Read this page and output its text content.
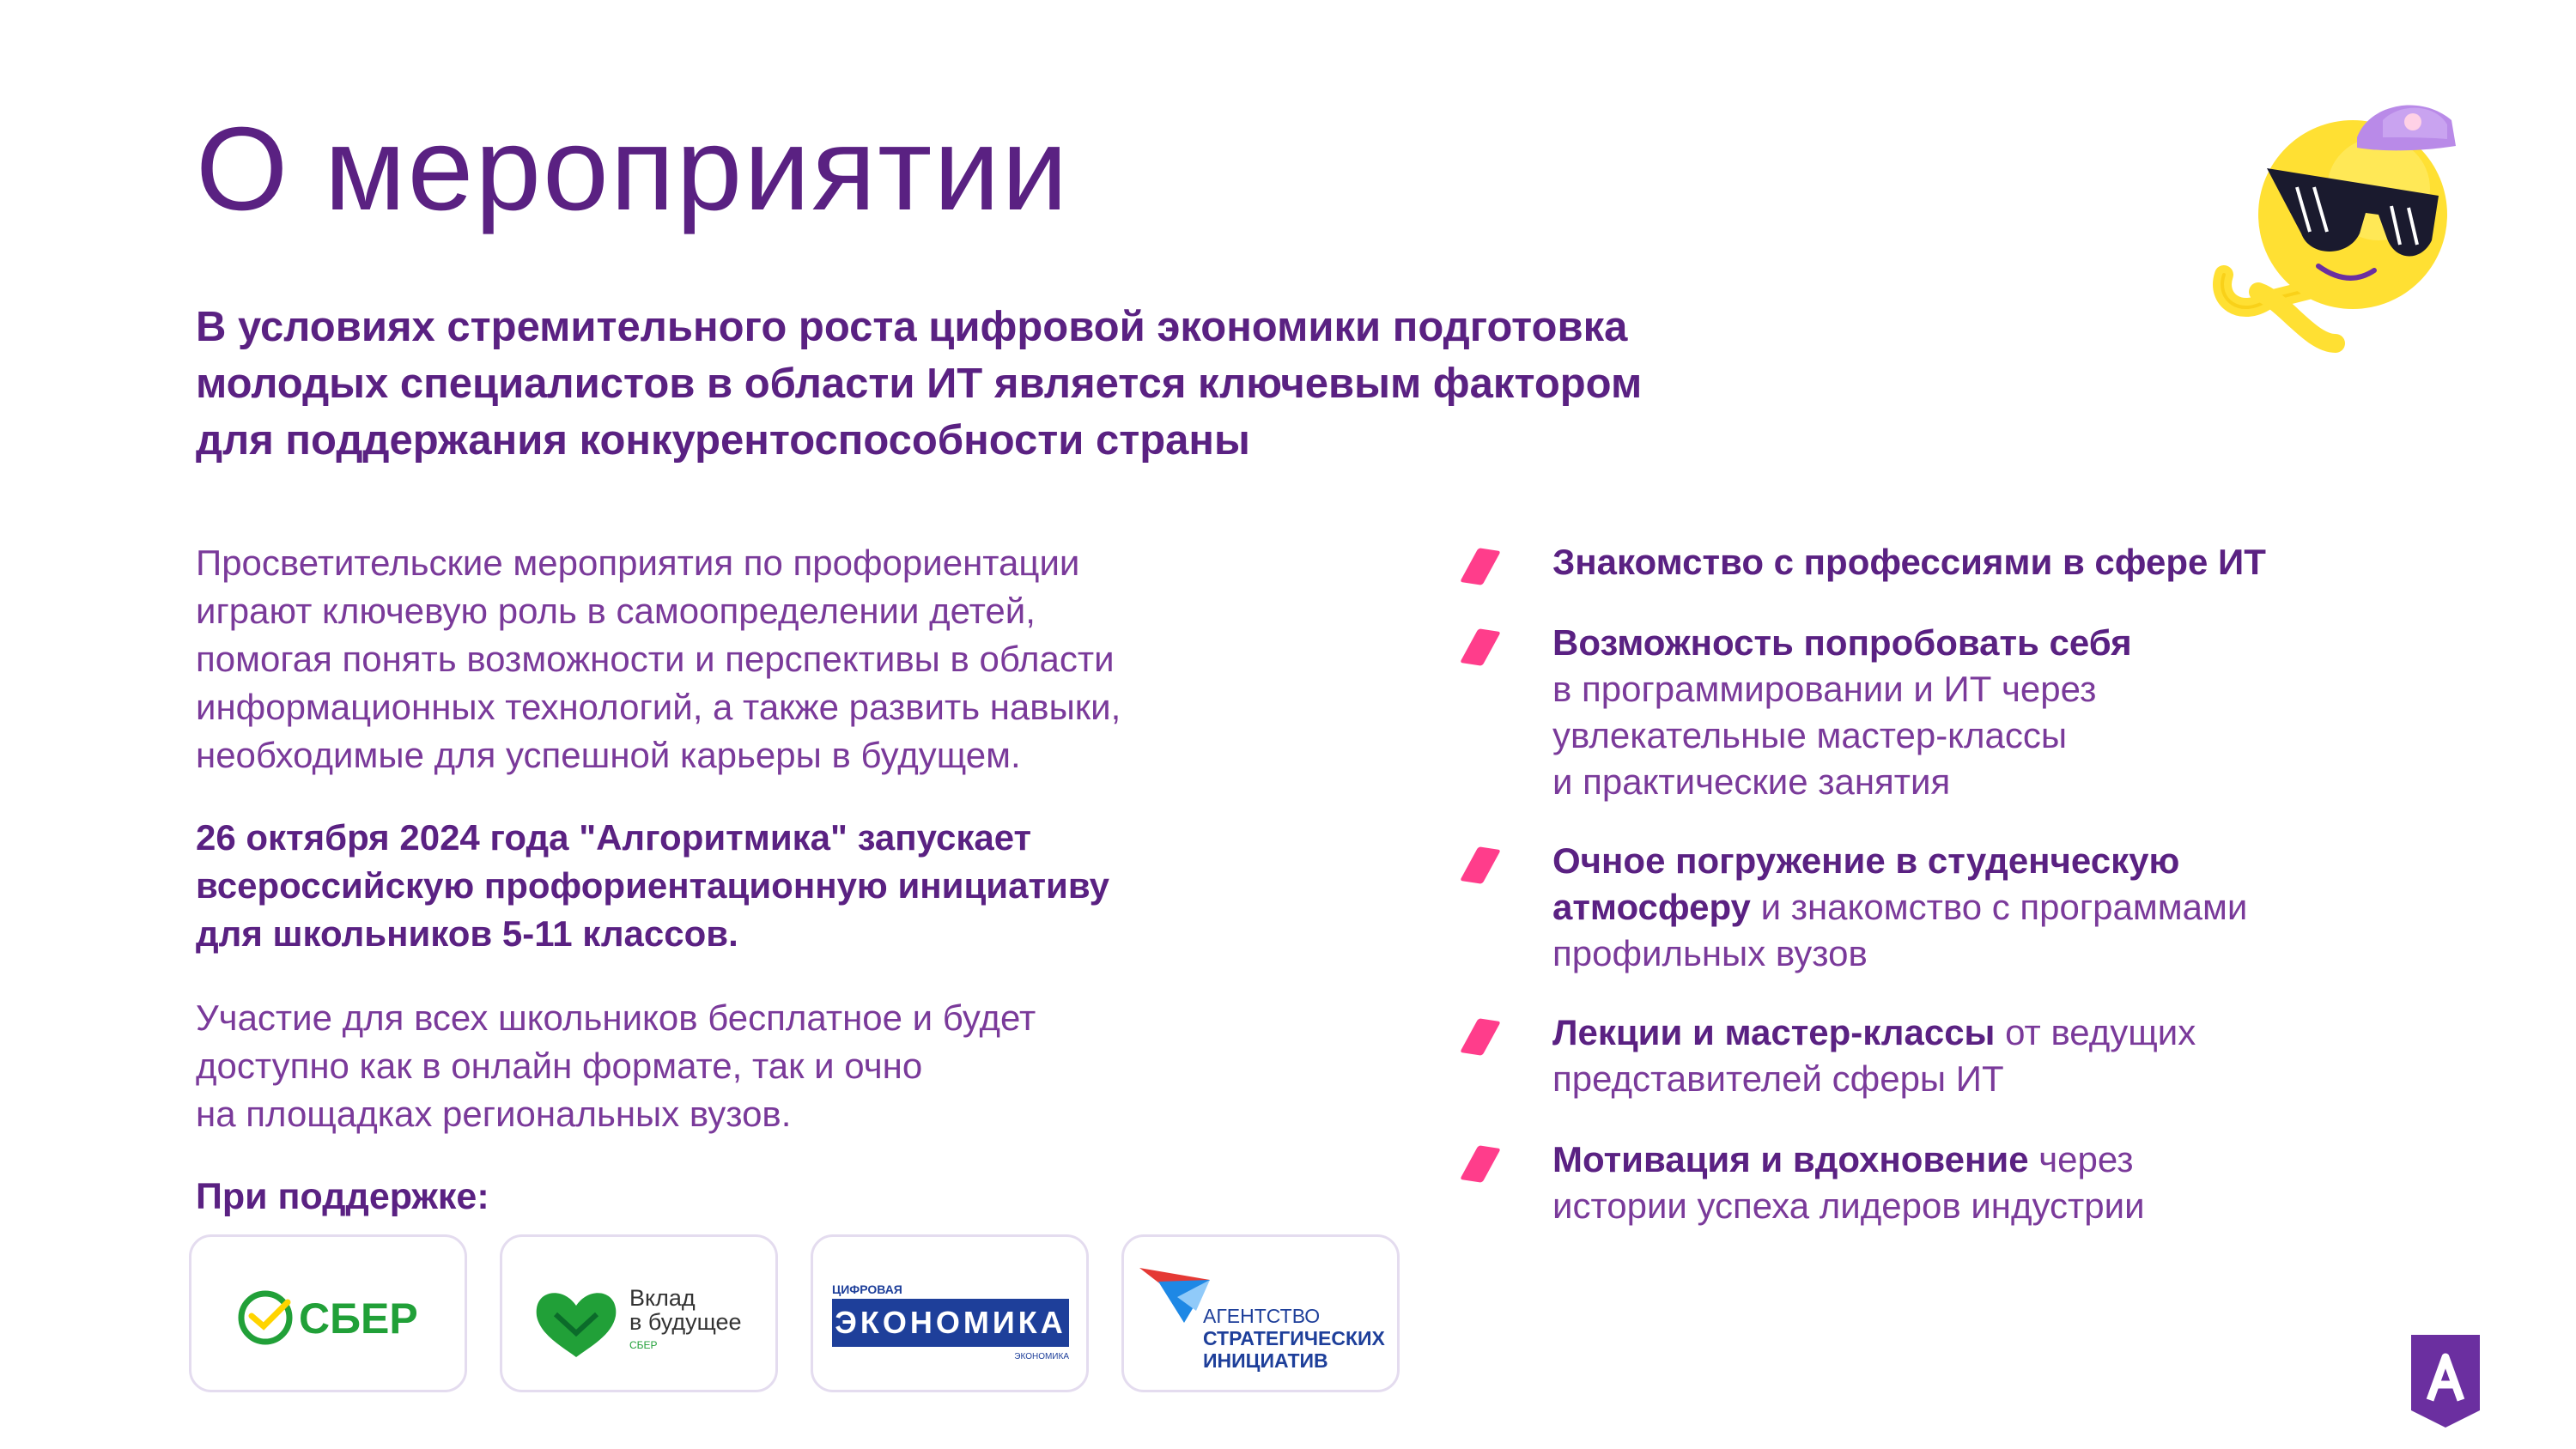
О мероприятии
В условиях стремительного роста цифровой экономики подготовка
молодых специалистов в области ИТ является ключевым фактором
для поддержания конкурентоспособности страны
Просветительские мероприятия по профориентации
играют ключевую роль в самоопределении детей,
помогая понять возможности и перспективы в области
информационных технологий, а также развить навыки,
необходимые для успешной карьеры в будущем.
26 октября 2024 года "Алгоритмика" запускает
всероссийскую профориентационную инициативу
для школьников 5-11 классов.
Участие для всех школьников бесплатное и будет
доступно как в онлайн формате, так и очно
на площадках региональных вузов.
При поддержке:
СБЕР	Вклад
в будущее
СБЕР
ЦИФРОВАЯ
ЭКОНОМИКА
ЭКОНОМИКА
АГЕНТСТВО
СТРАТЕГИЧЕСКИХ
ИНИЦИАТИВ
Знакомство с профессиями в сфере ИТ
Возможность попробовать себя
в программировании и ИТ через
увлекательные мастер-классы
и практические занятия
Очное погружение в студенческую
атмосферу и знакомство с программами
профильных вузов
Лекции и мастер-классы от ведущих
представителей сферы ИТ
Мотивация и вдохновение через
истории успеха лидеров индустрии
